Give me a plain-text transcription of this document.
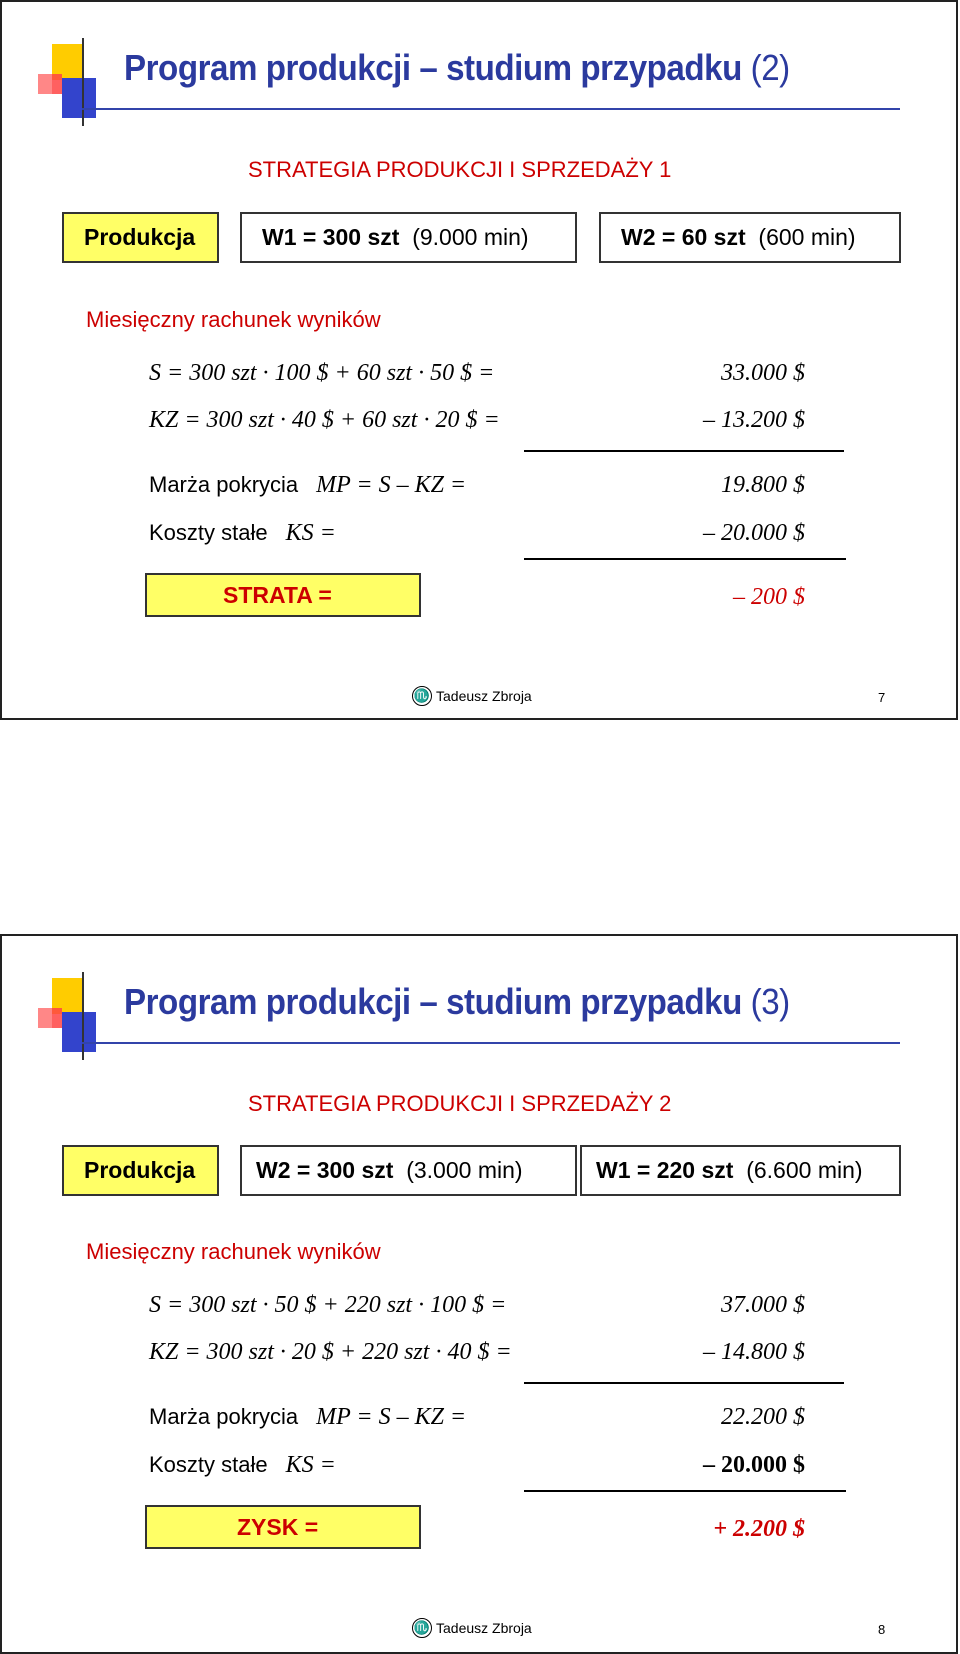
Program produkcji – studium przypadku (2)
STRATEGIA PRODUKCJI I SPRZEDAŻY 1
Produkcja	W1 = 300 szt
(9.000 min)	W2 = 60 szt
(600 min)
Miesięczny rachunek wyników
S = 300 szt · 100 $ + 60 szt · 50 $ =	33.000 $
KZ = 300 szt · 40 $ + 60 szt · 20 $ =	– 13.200 $
Marża pokrycia MP = S – KZ =	19.800 $
Koszty stałe KS =	– 20.000 $
STRATA =	– 200 $
♏ Tadeusz Zbroja	7
Program produkcji – studium przypadku (3)
STRATEGIA PRODUKCJI I SPRZEDAŻY 2
Produkcja	W2 = 300 szt
(3.000 min)	W1 = 220 szt
(6.600 min)
Miesięczny rachunek wyników
S = 300 szt · 50 $ + 220 szt · 100 $ =	37.000 $
KZ = 300 szt · 20 $ + 220 szt · 40 $ =	– 14.800 $
Marża pokrycia MP = S – KZ =	22.200 $
Koszty stałe KS =	– 20.000 $
ZYSK =	+ 2.200 $
♏ Tadeusz Zbroja	8
